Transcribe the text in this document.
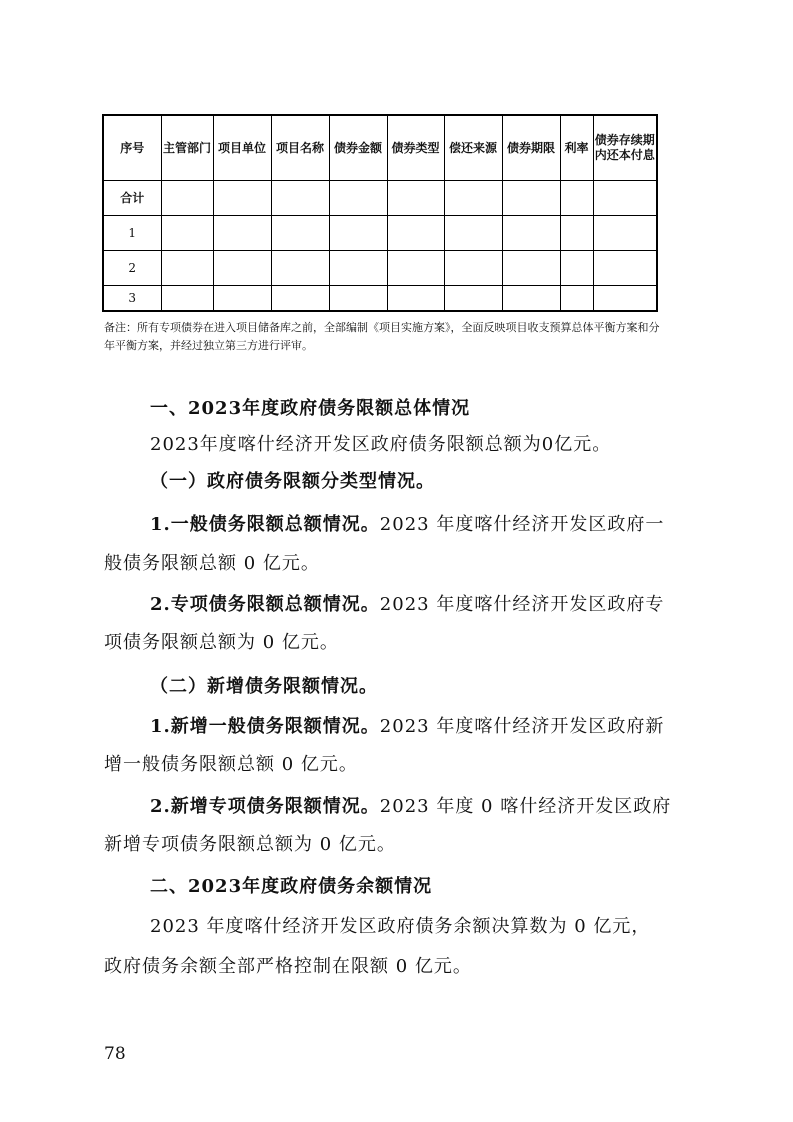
序号	主管部门	项目单位	项目名称	债券金额	债券类型	偿还来源	债券期限	利率	债券存续期内还本付息
合计									
1									
2									
3									
备注：所有专项债券在进入项目储备库之前，全部编制《项目实施方案》，全面反映项目收支预算总体平衡方案和分年平衡方案，并经过独立第三方进行评审。
一、2023年度政府债务限额总体情况
2023年度喀什经济开发区政府债务限额总额为0亿元。
（一）政府债务限额分类型情况。
1.一般债务限额总额情况。2023 年度喀什经济开发区政府一
般债务限额总额 0 亿元。
2.专项债务限额总额情况。2023 年度喀什经济开发区政府专
项债务限额总额为 0 亿元。
（二）新增债务限额情况。
1.新增一般债务限额情况。2023 年度喀什经济开发区政府新
增一般债务限额总额 0 亿元。
2.新增专项债务限额情况。2023 年度 0 喀什经济开发区政府
新增专项债务限额总额为 0 亿元。
二、2023年度政府债务余额情况
2023 年度喀什经济开发区政府债务余额决算数为 0 亿元，
政府债务余额全部严格控制在限额 0 亿元。
78
